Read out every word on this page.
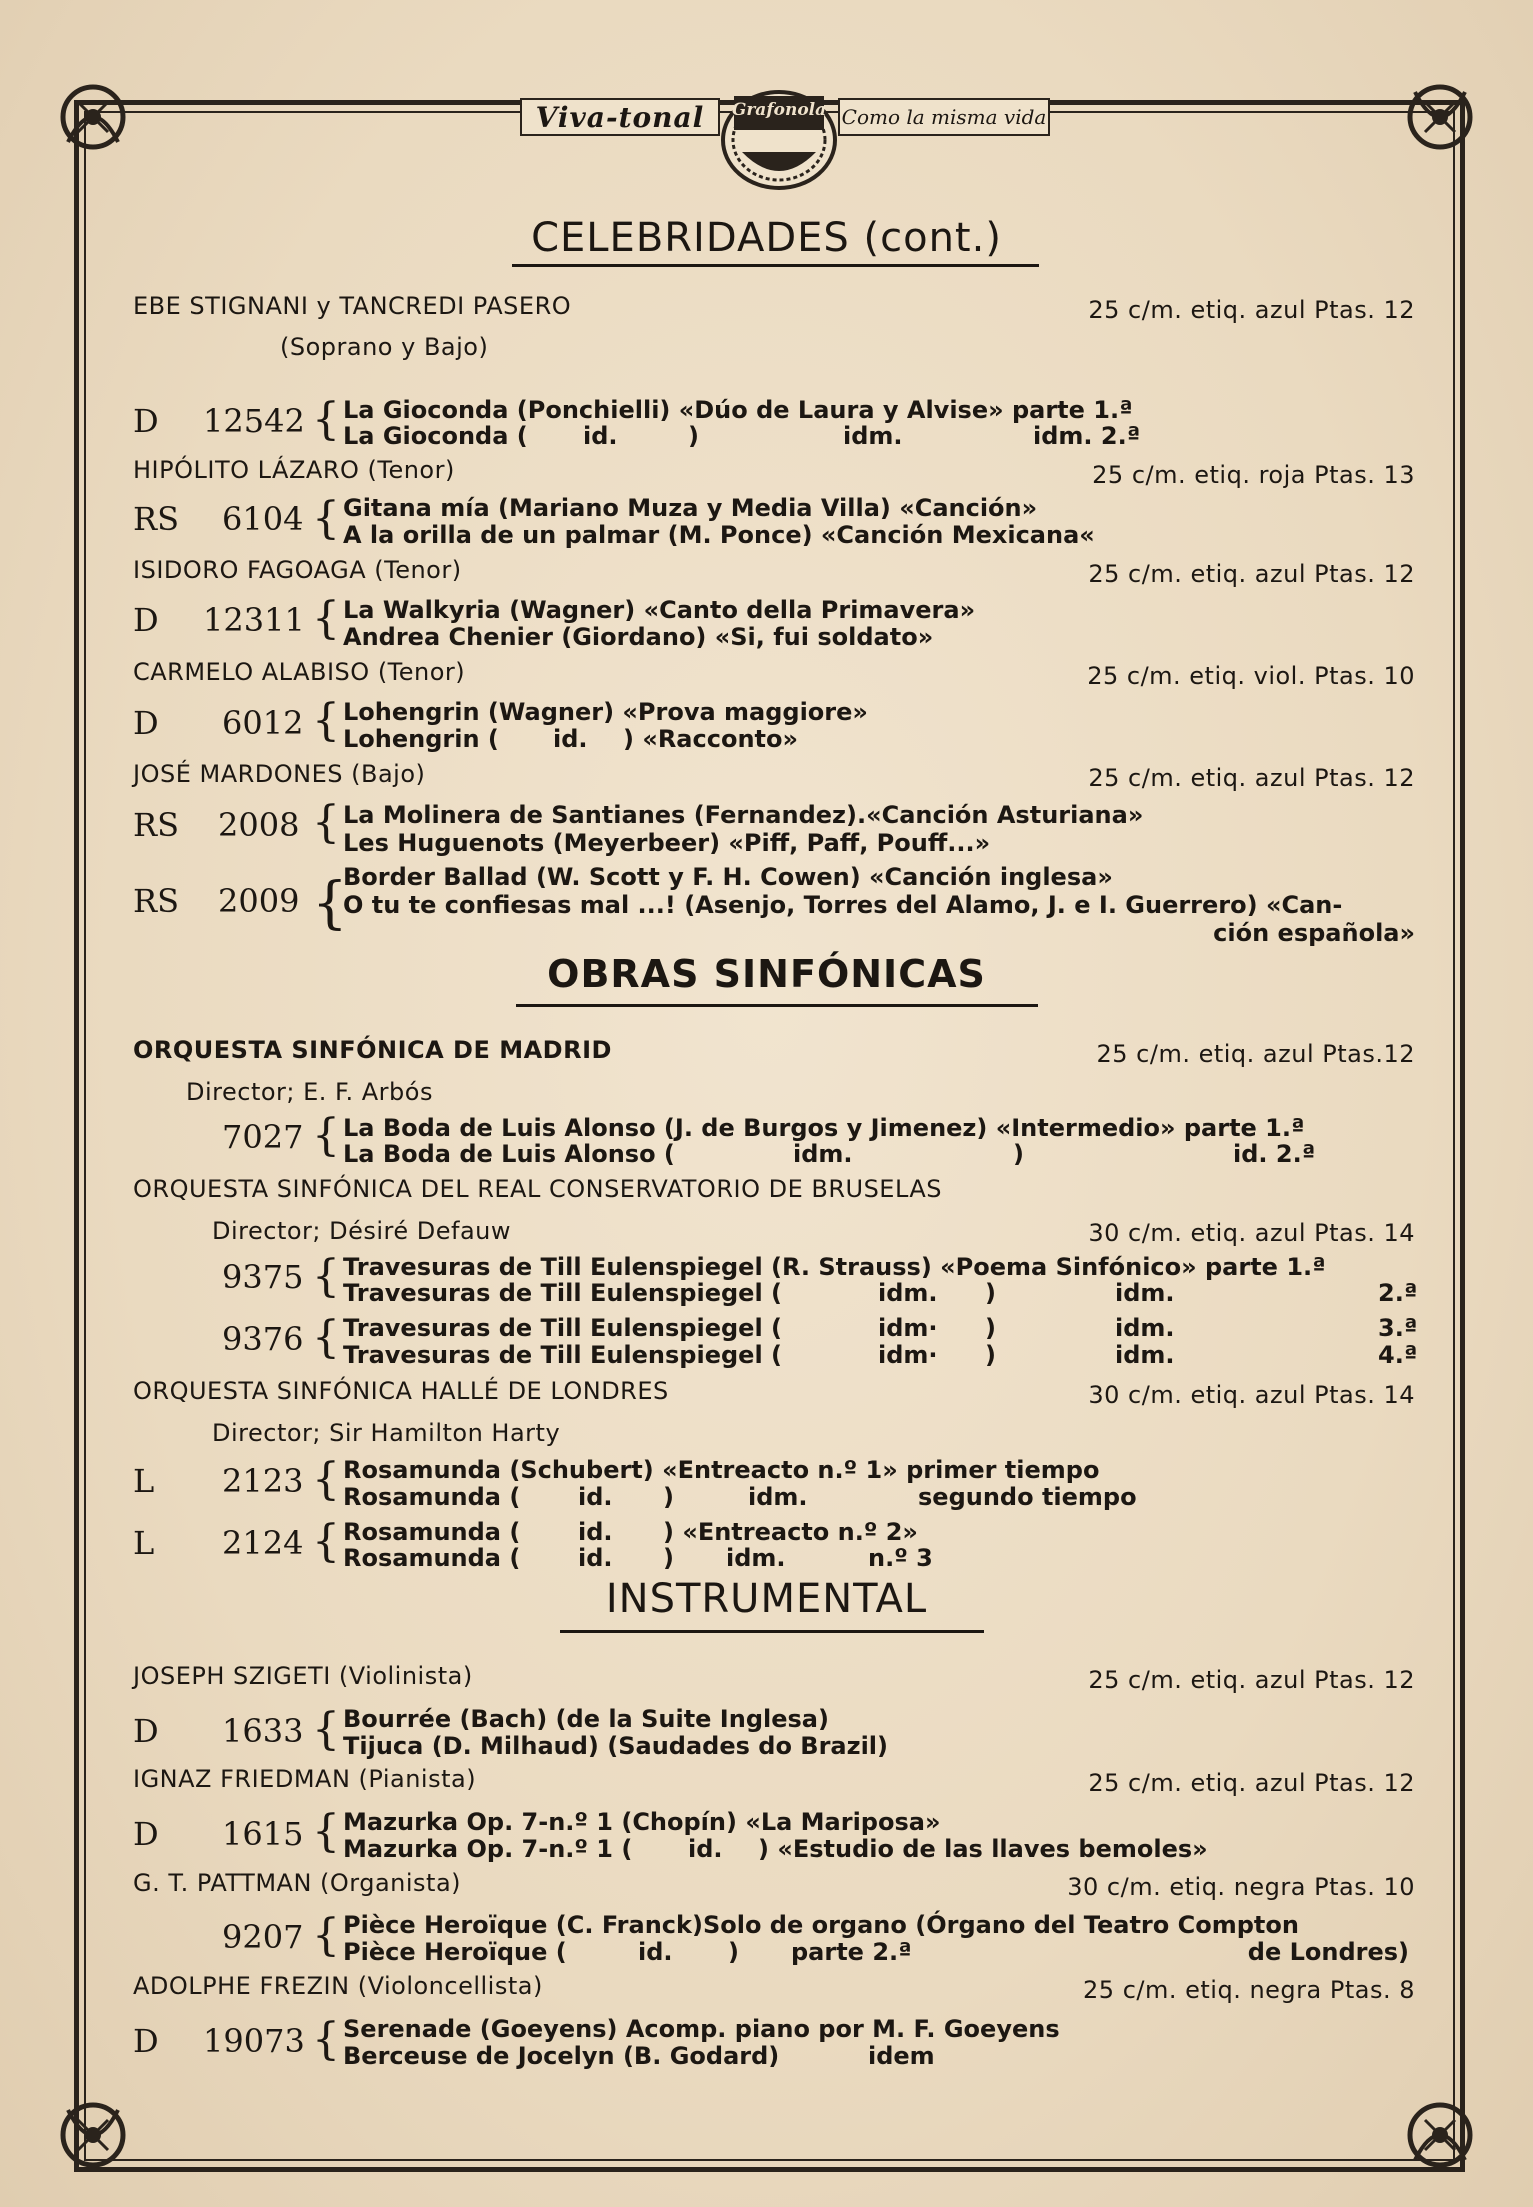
Viva-tonal	Grafonola Como la misma vida
CELEBRIDADES (cont.)
EBE STIGNANI y TANCREDI PASERO	25 c/m. etiq. azul Ptas. 12
(Soprano y Bajo)
D 12542 { La Gioconda (Ponchielli) «Dúo de Laura y Alvise» parte 1.ª
La Gioconda ( id.	)	idm.	idm. 2.ª
HIPÓLITO LÁZARO (Tenor)	25 c/m. etiq. roja Ptas. 13
RS 6104 { Gitana mía (Mariano Muza y Media Villa) «Canción»
A la orilla de un palmar (M. Ponce) «Canción Mexicana«
ISIDORO FAGOAGA (Tenor)	25 c/m. etiq. azul Ptas. 12
D 12311 { La Walkyria (Wagner) «Canto della Primavera»
Andrea Chenier (Giordano) «Si, fui soldato»
CARMELO ALABISO (Tenor)	25 c/m. etiq. viol. Ptas. 10
D 6012 { Lohengrin (Wagner) «Prova maggiore»
Lohengrin ( id. ) «Racconto»
JOSÉ MARDONES (Bajo)	25 c/m. etiq. azul Ptas. 12
RS 2008 { La Molinera de Santianes (Fernandez).«Canción Asturiana»
Les Huguenots (Meyerbeer) «Piff, Paff, Pouff...»
RS 2009 {
Border Ballad (W. Scott y F. H. Cowen) «Canción inglesa»
O tu te confiesas mal ...! (Asenjo, Torres del Alamo, J. e I. Guerrero) «Can-
ción española»
OBRAS SINFÓNICAS
ORQUESTA SINFÓNICA DE MADRID	25 c/m. etiq. azul Ptas.12
Director; E. F. Arbós
7027 { La Boda de Luis Alonso (J. de Burgos y Jimenez) «Intermedio» parte 1.ª
La Boda de Luis Alonso (	idm.	)	id. 2.ª
ORQUESTA SINFÓNICA DEL REAL CONSERVATORIO DE BRUSELAS
Director; Désiré Defauw	30 c/m. etiq. azul Ptas. 14
9375 { Travesuras de Till Eulenspiegel (R. Strauss) «Poema Sinfónico» parte 1.ª
Travesuras de Till Eulenspiegel (	idm. )	idm.	2.ª
9376 { Travesuras de Till Eulenspiegel (	idm· )	idm.	3.ª
Travesuras de Till Eulenspiegel (	idm· )	idm.	4.ª
ORQUESTA SINFÓNICA HALLÉ DE LONDRES	30 c/m. etiq. azul Ptas. 14
Director; Sir Hamilton Harty
L 2123 { Rosamunda (Schubert) «Entreacto n.º 1» primer tiempo
Rosamunda ( id. )	idm.	segundo tiempo
L 2124 { Rosamunda ( id. ) «Entreacto n.º 2»
Rosamunda ( id. ) idm.	n.º 3
INSTRUMENTAL
JOSEPH SZIGETI (Violinista)	25 c/m. etiq. azul Ptas. 12
D 1633 { Bourrée (Bach) (de la Suite Inglesa)
Tijuca (D. Milhaud) (Saudades do Brazil)
IGNAZ FRIEDMAN (Pianista)	25 c/m. etiq. azul Ptas. 12
D 1615 { Mazurka Op. 7-n.º 1 (Chopín) «La Mariposa»
Mazurka Op. 7-n.º 1 ( id. ) «Estudio de las llaves bemoles»
G. T. PATTMAN (Organista)	30 c/m. etiq. negra Ptas. 10
9207 { Pièce Heroïque (C. Franck)Solo de organo (Órgano del Teatro Compton
Pièce Heroïque (	id. ) parte 2.ª	de Londres)
ADOLPHE FREZIN (Violoncellista)	25 c/m. etiq. negra Ptas. 8
D 19073 { Serenade (Goeyens) Acomp. piano por M. F. Goeyens
Berceuse de Jocelyn (B. Godard)	idem
